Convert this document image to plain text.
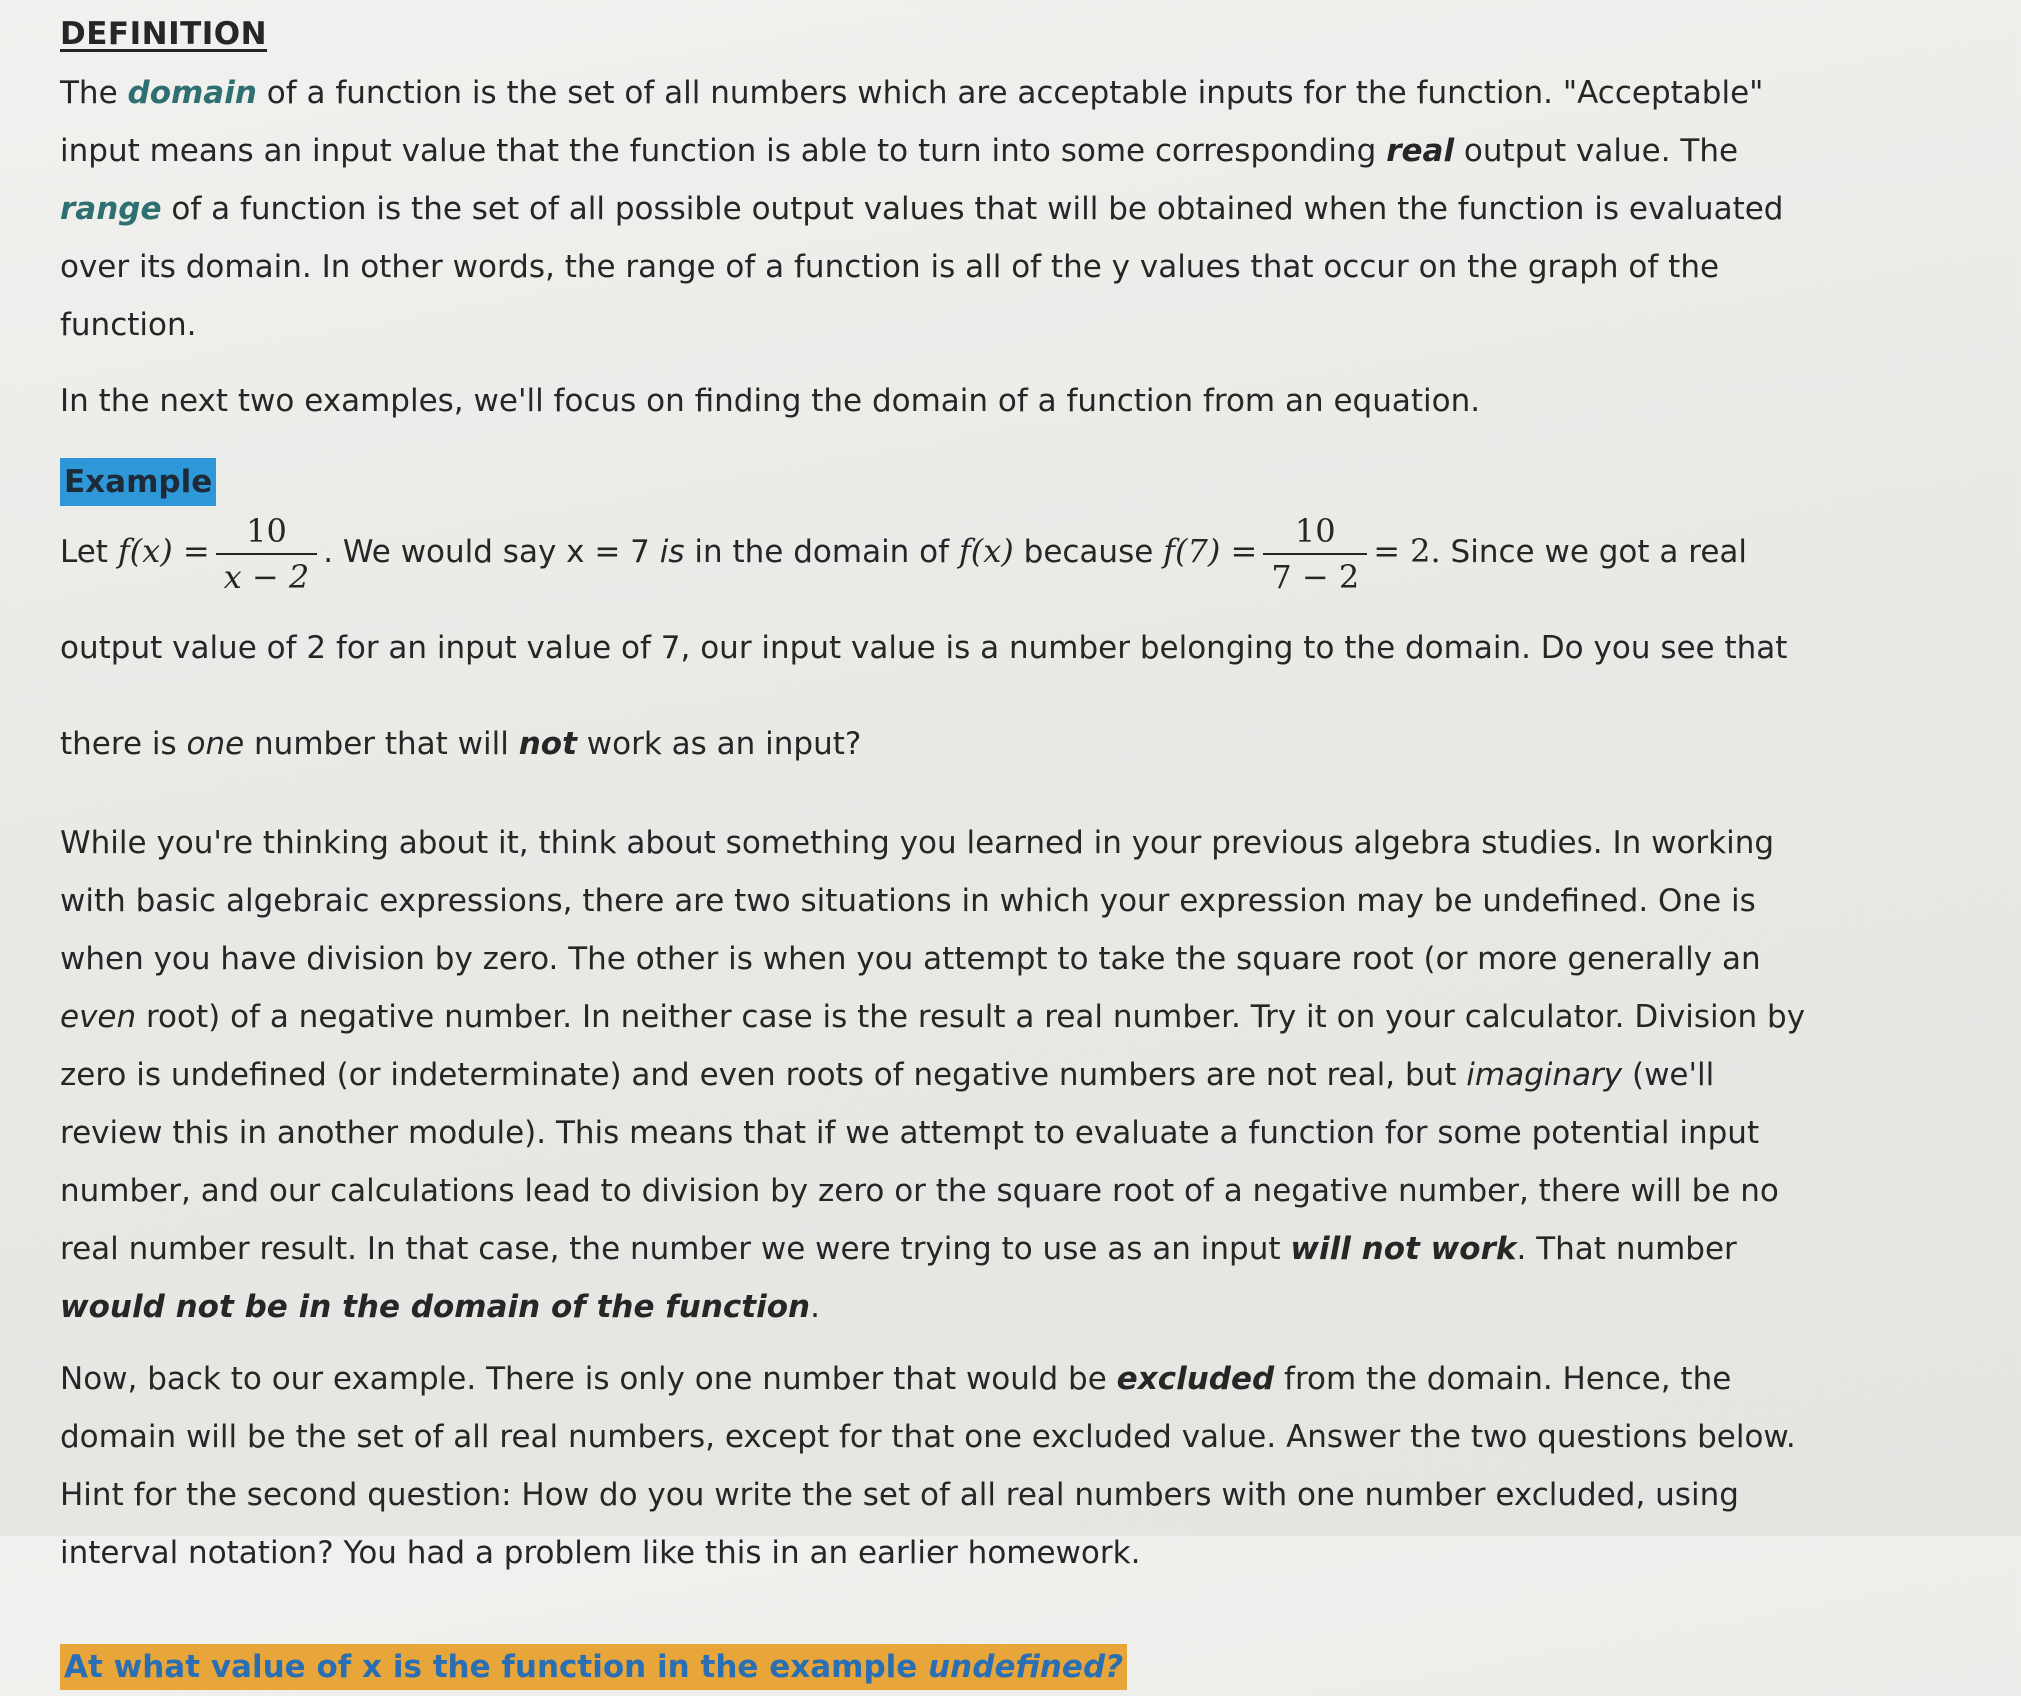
DEFINITION

The domain of a function is the set of all numbers which are acceptable inputs for the function. "Acceptable" input means an input value that the function is able to turn into some corresponding real output value. The range of a function is the set of all possible output values that will be obtained when the function is evaluated over its domain. In other words, the range of a function is all of the y values that occur on the graph of the function.

In the next two examples, we'll focus on finding the domain of a function from an equation.

Example

Let $f(x) = \frac{10}{x - 2}$ . We would say x = 7 is in the domain of f(x) because $f(7) = \frac{10}{7 - 2} = 2$. Since we got a real output value of 2 for an input value of 7, our input value is a number belonging to the domain. Do you see that there is one number that will not work as an input?

While you're thinking about it, think about something you learned in your previous algebra studies. In working with basic algebraic expressions, there are two situations in which your expression may be undefined. One is when you have division by zero. The other is when you attempt to take the square root (or more generally an even root) of a negative number. In neither case is the result a real number. Try it on your calculator. Division by zero is undefined (or indeterminate) and even roots of negative numbers are not real, but imaginary (we'll review this in another module). This means that if we attempt to evaluate a function for some potential input number, and our calculations lead to division by zero or the square root of a negative number, there will be no real number result. In that case, the number we were trying to use as an input will not work. That number would not be in the domain of the function.

Now, back to our example. There is only one number that would be excluded from the domain. Hence, the domain will be the set of all real numbers, except for that one excluded value. Answer the two questions below. Hint for the second question: How do you write the set of all real numbers with one number excluded, using interval notation? You had a problem like this in an earlier homework.

At what value of x is the function in the example undefined?
